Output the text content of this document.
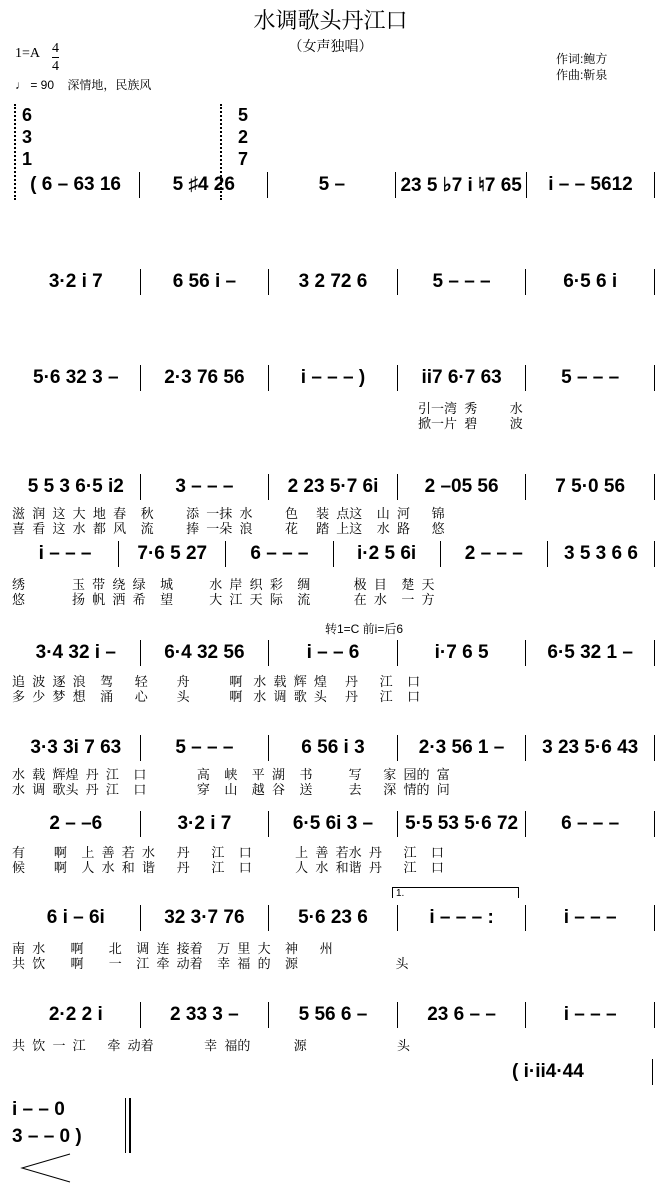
水调歌头丹江口
（女声独唱）
1=A 4
4
♩ = 90 深情地，民族风
作词:鲍方
作曲:靳泉
6
3
1
5
2
7
转1=C 前i=后6
1.
( 6 – 63 16	5 ♯4 26	5 –	23 5 ♭7 i ♮7 65	i – – 5612
3·2 i 7	6 56 i –	3 2 72 6	5 – – –	6·5 6 i
5·6 32 3 –	2·3 76 56	i – – – )	ii7 6·7 63	5 – – –
引一湾  秀         水
掀一片  碧         波
5 5 3 6·5 i2	3 – – –	2 23 5·7 6i	2 –05 56	7 5·0 56
滋  润  这  大  地  春    秋         添  一抹  水         色     装  点这    山  河      锦
喜  看  这  水  都  风    流         捧  一朵  浪         花     踏  上这    水  路      悠
i – – –	7·6 5 27	6 – – –	i·2 5 6i	2 – – –	3 5 3 6 6
绣             玉  带  绕  绿    城          水  岸  织  彩    绸            极  目    楚  天
悠             扬  帆  洒  希    望          大  江  天  际    流            在  水    一  方
3·4 32 i –	6·4 32 56	i – – 6	i·7 6 5	6·5 32 1 –
追  波  逐  浪    驾      轻        舟           啊   水  载  辉  煌     丹      江    口
多  少  梦  想    涌      心        头           啊   水  调  歌  头     丹      江    口
3·3 3i 7 63	5 – – –	6 56 i 3	2·3 56 1 –	3 23 5·6 43
水  载  辉煌  丹  江    口              高    峡    平  湖    书          写      家  园的  富
水  调  歌头  丹  江    口              穿    山    越  谷    送          去      深  情的  问
2 – –6	3·2 i 7	6·5 6i 3 –	5·5 53 5·6 72	6 – – –
有        啊    上  善  若  水      丹      江    口            上  善  若水  丹      江    口
候        啊    人  水  和  谐      丹      江    口            人  水  和谐  丹      江    口
6 i – 6i	32 3·7 76	5·6 23 6	i – – – :	i – – –
南  水       啊       北    调  连  接着    万  里  大    神      州
共  饮       啊       一    江  牵  动着    幸  福  的    源                           头
2·2 2 i	2 33 3 –	5 56 6 –	23 6 – –	i – – –
共  饮  一  江      牵  动着              幸  福的            源                         头
( i·ii4·44
i – – 0
3 – – 0 )
